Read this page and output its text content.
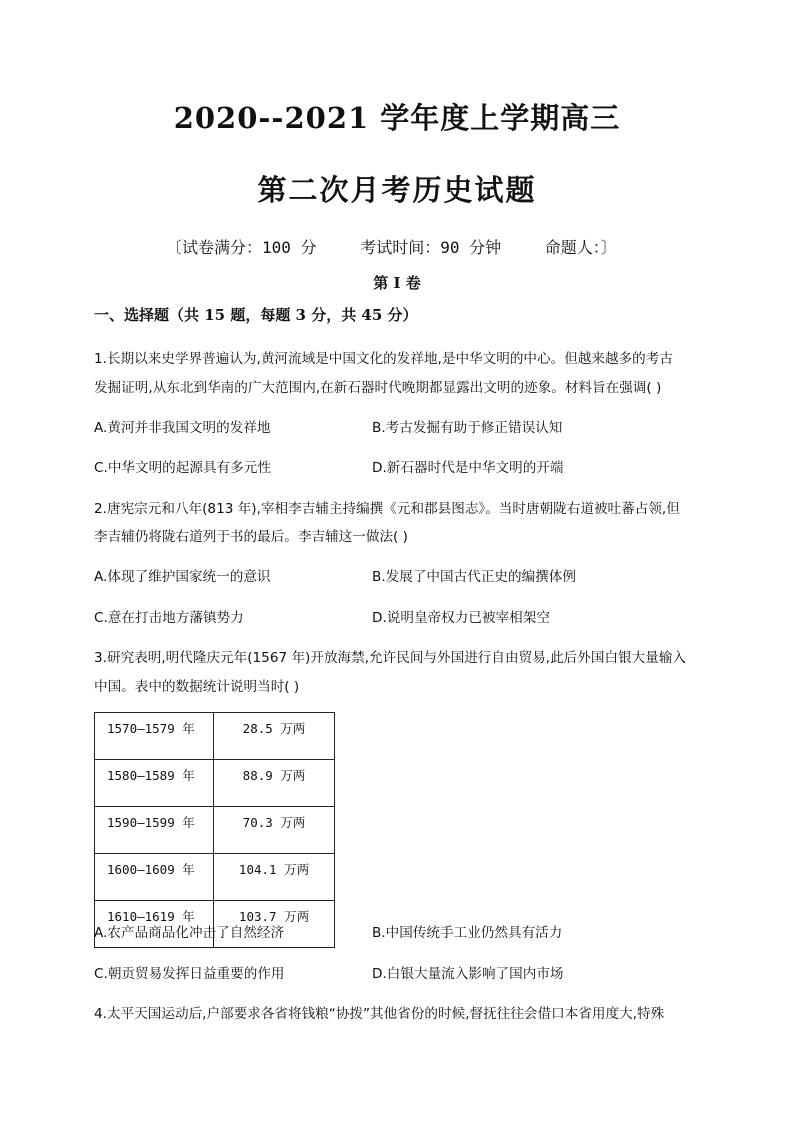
2020--2021 学年度上学期高三
第二次月考历史试题
〔试卷满分：100 分	考试时间：90 分钟	命题人：〕
第 I 卷
一、选择题（共 15 题，每题 3 分，共 45 分）
1.长期以来史学界普遍认为,黄河流域是中国文化的发祥地,是中华文明的中心。但越来越多的考古
发掘证明,从东北到华南的广大范围内,在新石器时代晚期都显露出文明的迹象。材料旨在强调( )
A.黄河并非我国文明的发祥地	B.考古发掘有助于修正错误认知
C.中华文明的起源具有多元性	D.新石器时代是中华文明的开端
2.唐宪宗元和八年(813 年),宰相李吉辅主持编撰《元和郡县图志》。当时唐朝陇右道被吐蕃占领,但
李吉辅仍将陇右道列于书的最后。李吉辅这一做法( )
A.体现了维护国家统一的意识	B.发展了中国古代正史的编撰体例
C.意在打击地方藩镇势力	D.说明皇帝权力已被宰相架空
3.研究表明,明代隆庆元年(1567 年)开放海禁,允许民间与外国进行自由贸易,此后外国白银大量输入
中国。表中的数据统计说明当时( )
1570—1579 年	28.5 万两
1580—1589 年	88.9 万两
1590—1599 年	70.3 万两
1600—1609 年	104.1 万两
1610—1619 年	103.7 万两
A.农产品商品化冲击了自然经济	B.中国传统手工业仍然具有活力
C.朝贡贸易发挥日益重要的作用	D.白银大量流入影响了国内市场
4.太平天国运动后,户部要求各省将钱粮“协拨”其他省份的时候,督抚往往会借口本省用度大,特殊
